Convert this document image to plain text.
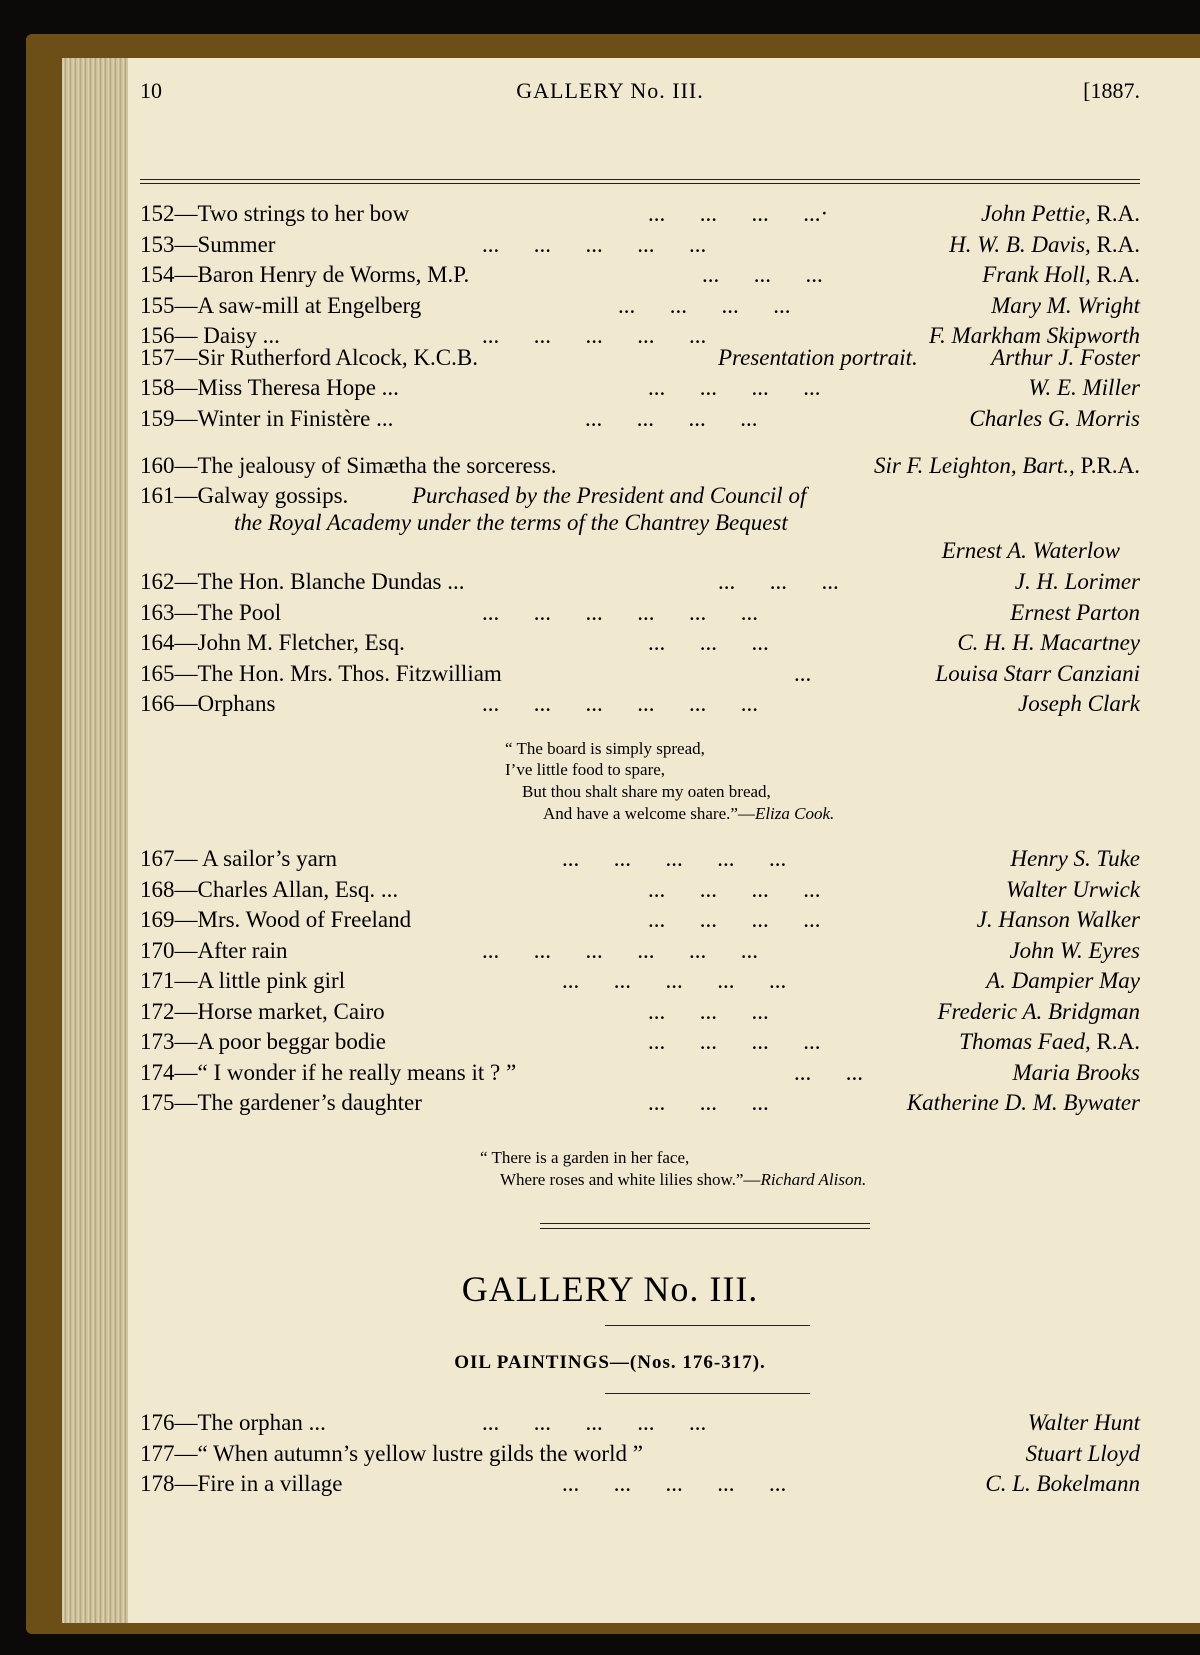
10	GALLERY No. III.	[1887.
152—Two strings to her bow	...      ...      ...      ...·	John Pettie, R.A.
153—Summer	...      ...      ...      ...      ...	H. W. B. Davis, R.A.
154—Baron Henry de Worms, M.P.	...      ...      ...	Frank Holl, R.A.
155—A saw-mill at Engelberg	...      ...      ...      ...	Mary M. Wright
156— Daisy ...	...      ...      ...      ...      ...	F. Markham Skipworth
157—Sir Rutherford Alcock, K.C.B.	Presentation portrait.	Arthur J. Foster
158—Miss Theresa Hope ...	...      ...      ...      ...	W. E. Miller
159—Winter in Finistère ...	...      ...      ...      ...	Charles G. Morris
160—The jealousy of Simætha the sorceress.	Sir F. Leighton, Bart., P.R.A.
161—Galway gossips.	Purchased by the President and Council of
the Royal Academy under the terms of the Chantrey Bequest
Ernest A. Waterlow
162—The Hon. Blanche Dundas ...	...      ...      ...	J. H. Lorimer
163—The Pool	...      ...      ...      ...      ...      ...	Ernest Parton
164—John M. Fletcher, Esq.	...      ...      ...	C. H. H. Macartney
165—The Hon. Mrs. Thos. Fitzwilliam	...	Louisa Starr Canziani
166—Orphans	...      ...      ...      ...      ...      ...	Joseph Clark
“ The board is simply spread,
I’ve little food to spare,
But thou shalt share my oaten bread,
And have a welcome share.”—Eliza Cook.
167— A sailor’s yarn	...      ...      ...      ...      ...	Henry S. Tuke
168—Charles Allan, Esq. ...	...      ...      ...      ...	Walter Urwick
169—Mrs. Wood of Freeland	...      ...      ...      ...	J. Hanson Walker
170—After rain	...      ...      ...      ...      ...      ...	John W. Eyres
171—A little pink girl	...      ...      ...      ...      ...	A. Dampier May
172—Horse market, Cairo	...      ...      ...	Frederic A. Bridgman
173—A poor beggar bodie	...      ...      ...      ...	Thomas Faed, R.A.
174—“ I wonder if he really means it ? ”	...      ...	Maria Brooks
175—The gardener’s daughter	...      ...      ...	Katherine D. M. Bywater
“ There is a garden in her face,
Where roses and white lilies show.”—Richard Alison.
GALLERY No. III.
OIL PAINTINGS—(Nos. 176-317).
176—The orphan ...	...      ...      ...      ...      ...	Walter Hunt
177—“ When autumn’s yellow lustre gilds the world ”	Stuart Lloyd
178—Fire in a village	...      ...      ...      ...      ...	C. L. Bokelmann
